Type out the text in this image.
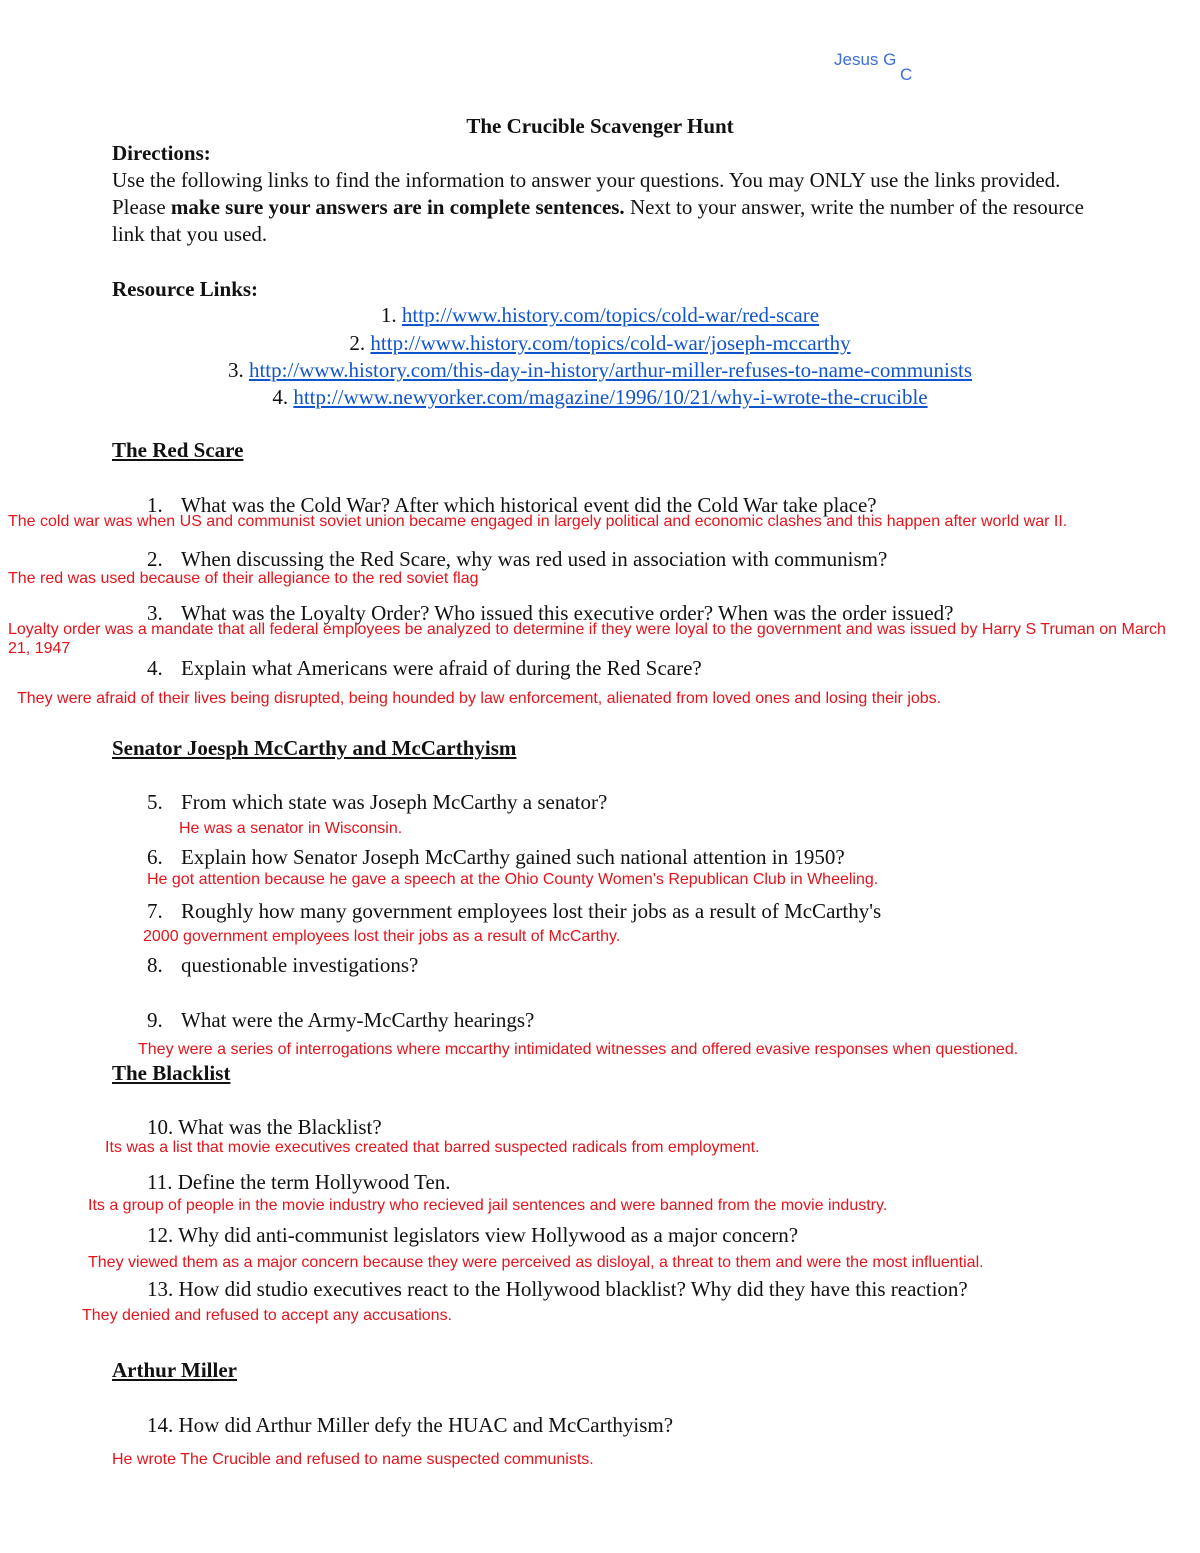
Jesus G
C
The Crucible Scavenger Hunt
Directions:
Use the following links to find the information to answer your questions. You may ONLY use the links provided. Please make sure your answers are in complete sentences. Next to your answer, write the number of the resource link that you used.
Resource Links:
1. http://www.history.com/topics/cold-war/red-scare
2. http://www.history.com/topics/cold-war/joseph-mccarthy
3. http://www.history.com/this-day-in-history/arthur-miller-refuses-to-name-communists
4. http://www.newyorker.com/magazine/1996/10/21/why-i-wrote-the-crucible
The Red Scare
1. What was the Cold War? After which historical event did the Cold War take place?
The cold war was when US and communist soviet union became engaged in largely political and economic clashes and this happen after world war II.
2. When discussing the Red Scare, why was red used in association with communism?
The red was used because of their allegiance to the red soviet flag
3. What was the Loyalty Order? Who issued this executive order? When was the order issued?
Loyalty order was a mandate that all federal employees be analyzed to determine if they were loyal to the government and was issued by Harry S Truman on March 21, 1947
4. Explain what Americans were afraid of during the Red Scare?
They were afraid of their lives being disrupted, being hounded by law enforcement, alienated from loved ones and losing their jobs.
Senator Joesph McCarthy and McCarthyism
5. From which state was Joseph McCarthy a senator?
He was a senator in Wisconsin.
6. Explain how Senator Joseph McCarthy gained such national attention in 1950?
He got attention because he gave a speech at the Ohio County Women's Republican Club in Wheeling.
7. Roughly how many government employees lost their jobs as a result of McCarthy's
2000 government employees lost their jobs as a result of McCarthy.
8. questionable investigations?
9. What were the Army-McCarthy hearings?
They were a series of interrogations where mccarthy intimidated witnesses and offered evasive responses when questioned.
The Blacklist
10. What was the Blacklist?
Its was a list that movie executives created that barred suspected radicals from employment.
11. Define the term Hollywood Ten.
Its a group of people in the movie industry who recieved jail sentences and were banned from the movie industry.
12. Why did anti-communist legislators view Hollywood as a major concern?
They viewed them as a major concern because they were perceived as disloyal, a threat to them and were the most influential.
13. How did studio executives react to the Hollywood blacklist? Why did they have this reaction?
They denied and refused to accept any accusations.
Arthur Miller
14. How did Arthur Miller defy the HUAC and McCarthyism?
He wrote The Crucible and refused to name suspected communists.
